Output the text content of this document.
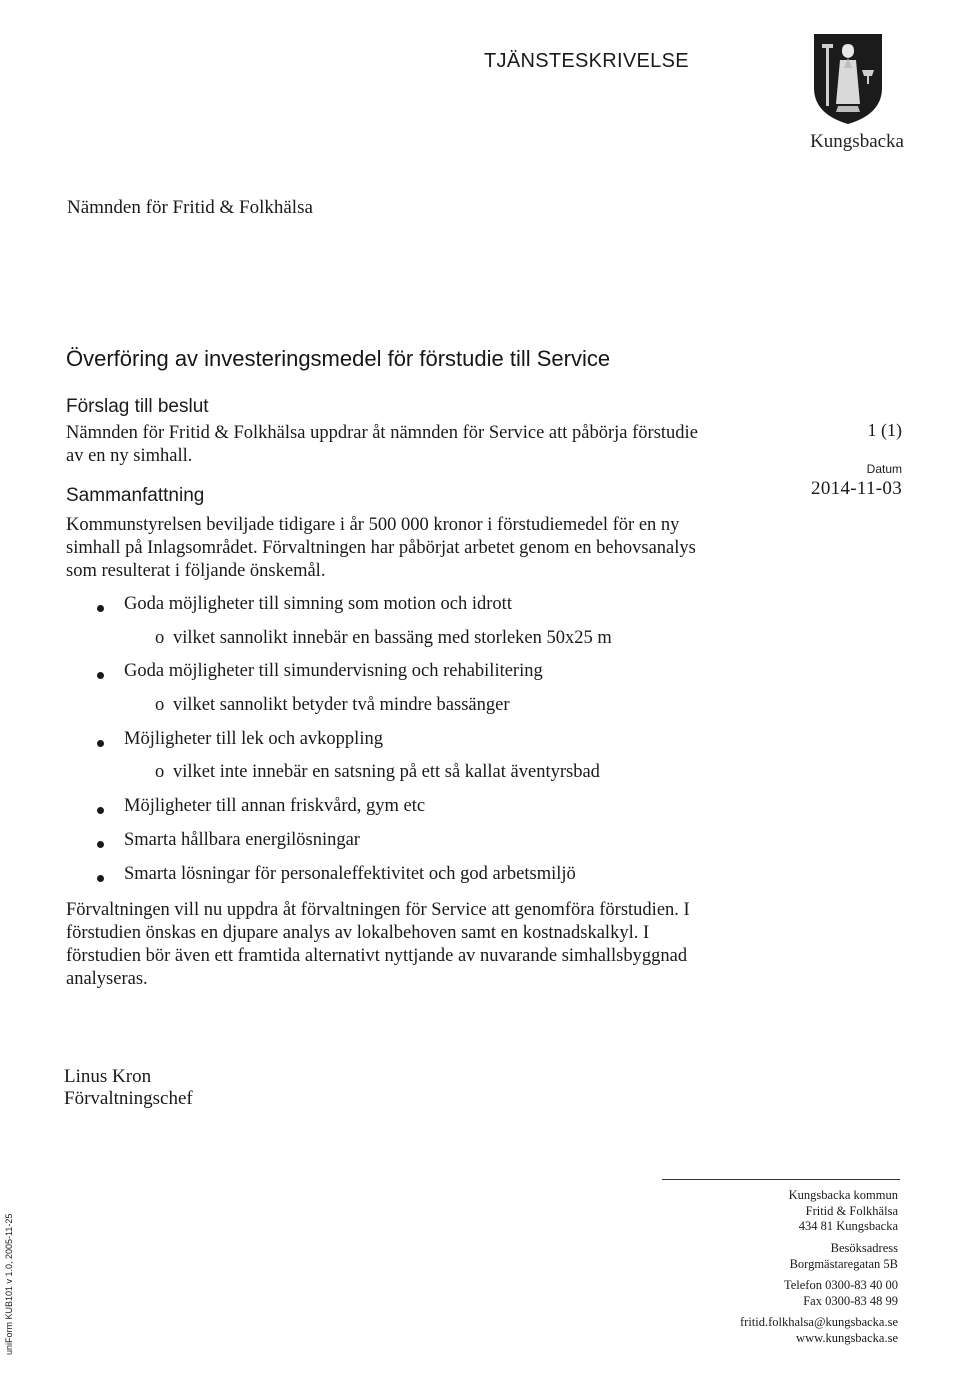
TJÄNSTESKRIVELSE
Kungsbacka
Nämnden för Fritid & Folkhälsa
1 (1)
Datum
2014-11-03
Överföring av investeringsmedel för förstudie till Service
Förslag till beslut
Nämnden för Fritid & Folkhälsa uppdrar åt nämnden för Service att påbörja förstudie
av en ny simhall.
Sammanfattning
Kommunstyrelsen beviljade tidigare i år 500 000 kronor i förstudiemedel för en ny
simhall på Inlagsområdet. Förvaltningen har påbörjat arbetet genom en behovsanalys
som resulterat i följande önskemål.
Goda möjligheter till simning som motion och idrott
o vilket sannolikt innebär en bassäng med storleken 50x25 m
Goda möjligheter till simundervisning och rehabilitering
o vilket sannolikt betyder två mindre bassänger
Möjligheter till lek och avkoppling
o vilket inte innebär en satsning på ett så kallat äventyrsbad
Möjligheter till annan friskvård, gym etc
Smarta hållbara energilösningar
Smarta lösningar för personaleffektivitet och god arbetsmiljö
Förvaltningen vill nu uppdra åt förvaltningen för Service att genomföra förstudien. I
förstudien önskas en djupare analys av lokalbehoven samt en kostnadskalkyl. I
förstudien bör även ett framtida alternativt nyttjande av nuvarande simhallsbyggnad
analyseras.
Linus Kron
Förvaltningschef
Kungsbacka kommun
Fritid & Folkhälsa
434 81 Kungsbacka
Besöksadress
Borgmästaregatan 5B
Telefon 0300-83 40 00
Fax 0300-83 48 99
fritid.folkhalsa@kungsbacka.se
www.kungsbacka.se
uniForm KUB101 v 1.0, 2005-11-25
